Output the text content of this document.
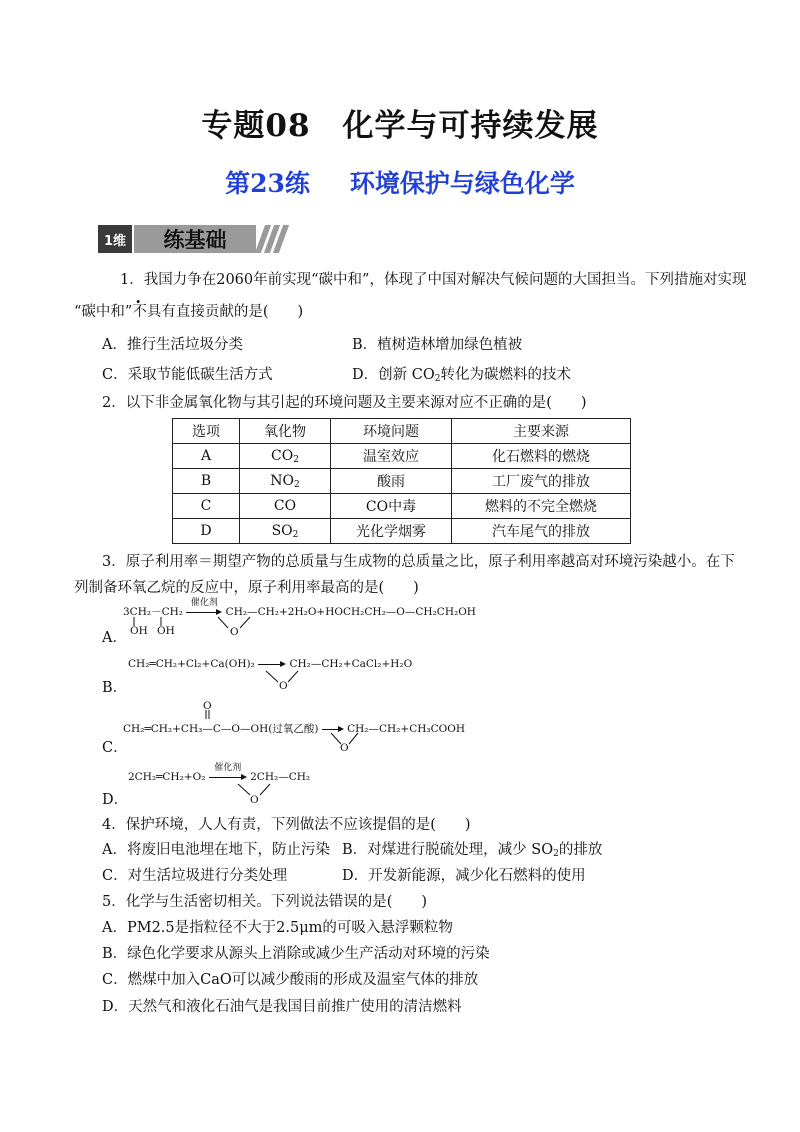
专题08　化学与可持续发展
第23练 环境保护与绿色化学
1维	练基础
1．我国力争在2060年前实现“碳中和”，体现了中国对解决气候问题的大国担当。下列措施对实现
“碳中和”不具有直接贡献的是(　　)
A．推行生活垃圾分类	B．植树造林增加绿色植被
C．采取节能低碳生活方式	D．创新 $CO_2$转化为碳燃料的技术
2．以下非金属氧化物与其引起的环境问题及主要来源对应不正确的是(　　)
选项	氧化物	环境问题	主要来源
A	$CO_2$	温室效应	化石燃料的燃烧
B	$NO_2$	酸雨	工厂废气的排放
C	CO	CO中毒	燃料的不完全燃烧
D	$SO_2$	光化学烟雾	汽车尾气的排放
3．原子利用率＝期望产物的总质量与生成物的总质量之比，原子利用率越高对环境污染越小。在下
列制备环氧乙烷的反应中，原子利用率最高的是(　　)
3CH₂－CH₂
催化剂
CH₂—CH₂+2H₂O+HOCH₂CH₂—O—CH₂CH₂OH
OH OH	O
A．
CH₂═CH₂+Cl₂+Ca(OH)₂	CH₂—CH₂+CaCl₂+H₂O
O
B．
O
CH₂═CH₂+CH₃—C—O—OH(过氧乙酸)	CH₂—CH₂+CH₃COOH
O
C．
2CH₂═CH₂+O₂
催化剂
2CH₂—CH₂
O
D．
4．保护环境，人人有责，下列做法不应该提倡的是(　　)
A．将废旧电池埋在地下，防止污染 B．对煤进行脱硫处理，减少 $SO_2$的排放
C．对生活垃圾进行分类处理	D．开发新能源，减少化石燃料的使用
5．化学与生活密切相关。下列说法错误的是(　　)
A．PM2.5是指粒径不大于2.5μm的可吸入悬浮颗粒物
B．绿色化学要求从源头上消除或减少生产活动对环境的污染
C．燃煤中加入CaO可以减少酸雨的形成及温室气体的排放
D．天然气和液化石油气是我国目前推广使用的清洁燃料
